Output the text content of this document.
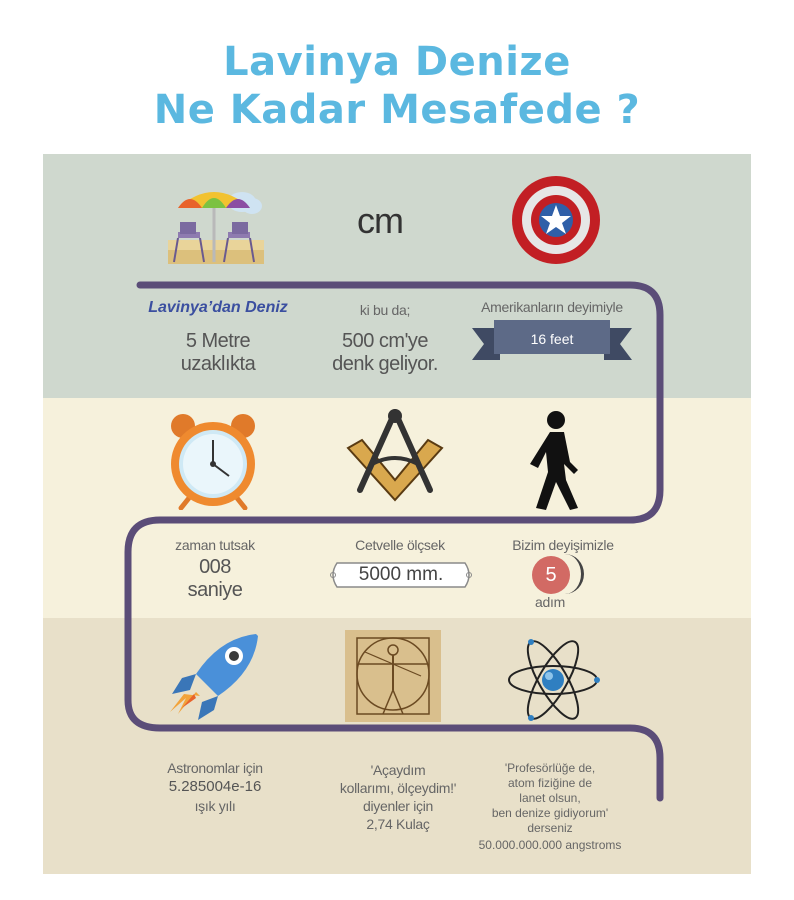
Lavinya Denize
Ne Kadar Mesafede ?
cm
Lavinya’dan Deniz
5 Metre
uzaklıkta
ki bu da;
500 cm'ye
denk geliyor.
Amerikanların deyimiyle
16 feet
zaman tutsak
008
saniye
Cetvelle ölçsek
5000 mm.
Bizim deyişimizle
5
adım
Astronomlar için
5.285004e-16
ışık yılı
'Açaydım
kollarımı, ölçeydim!'
diyenler için
2,74 Kulaç
'Profesörlüğe de,
atom fiziğine de
lanet olsun,
ben denize gidiyorum'
derseniz
50.000.000.000 angstroms
